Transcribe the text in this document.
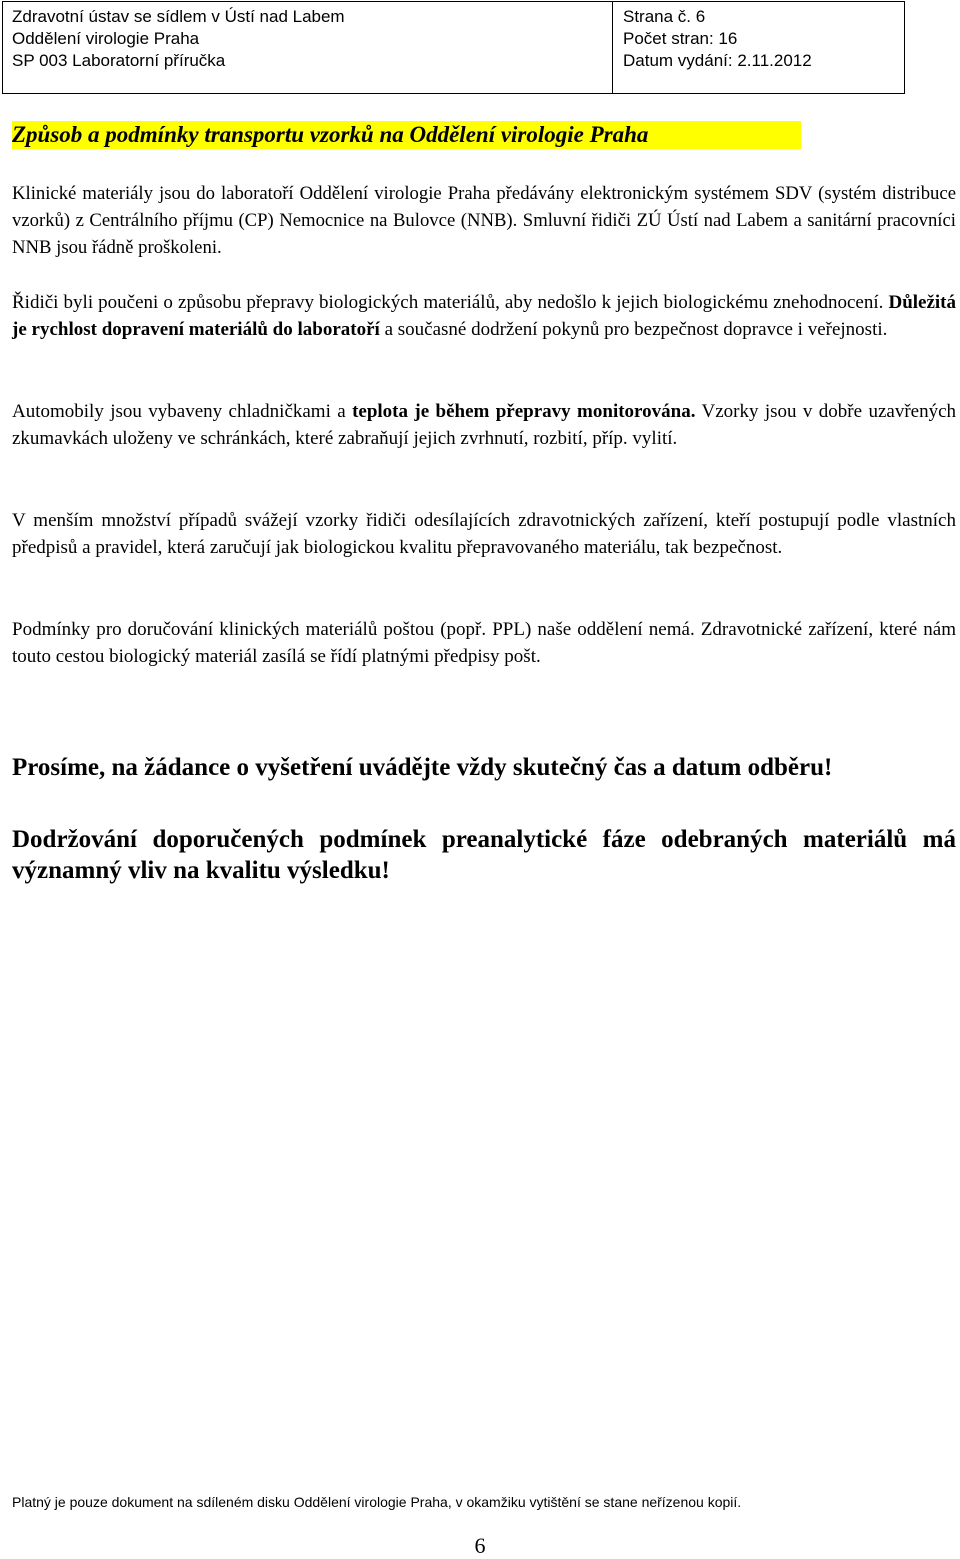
Zdravotní ústav se sídlem v Ústí nad Labem
Oddělení virologie Praha
SP 003 Laboratorní příručka
Strana č. 6
Počet stran: 16
Datum vydání: 2.11.2012
Způsob a podmínky transportu vzorků na Oddělení virologie Praha

Klinické materiály jsou do laboratoří Oddělení virologie Praha předávány elektronickým systémem SDV (systém distribuce vzorků) z Centrálního příjmu (CP) Nemocnice na Bulovce (NNB). Smluvní řidiči ZÚ Ústí nad Labem a sanitární pracovníci NNB jsou řádně proškoleni.

Řidiči byli poučeni o způsobu přepravy biologických materiálů, aby nedošlo k jejich biologickému znehodnocení. Důležitá je rychlost dopravení materiálů do laboratoří a současné dodržení pokynů pro bezpečnost dopravce i veřejnosti.

Automobily jsou vybaveny chladničkami a teplota je během přepravy monitorována. Vzorky jsou v dobře uzavřených zkumavkách uloženy ve schránkách, které zabraňují jejich zvrhnutí, rozbití, příp. vylití.

V menším množství případů svážejí vzorky řidiči odesílajících zdravotnických zařízení, kteří postupují podle vlastních předpisů a pravidel, která zaručují jak biologickou kvalitu přepravovaného materiálu, tak bezpečnost.

Podmínky pro doručování klinických materiálů poštou (popř. PPL) naše oddělení nemá. Zdravotnické zařízení, které nám touto cestou biologický materiál zasílá se řídí platnými předpisy pošt.

Prosíme, na žádance o vyšetření uvádějte vždy skutečný čas a datum odběru!

Dodržování doporučených podmínek preanalytické fáze odebraných materiálů má významný vliv na kvalitu výsledku!

Platný je pouze dokument na sdíleném disku Oddělení virologie Praha, v okamžiku vytištění se stane neřízenou kopií.
6
